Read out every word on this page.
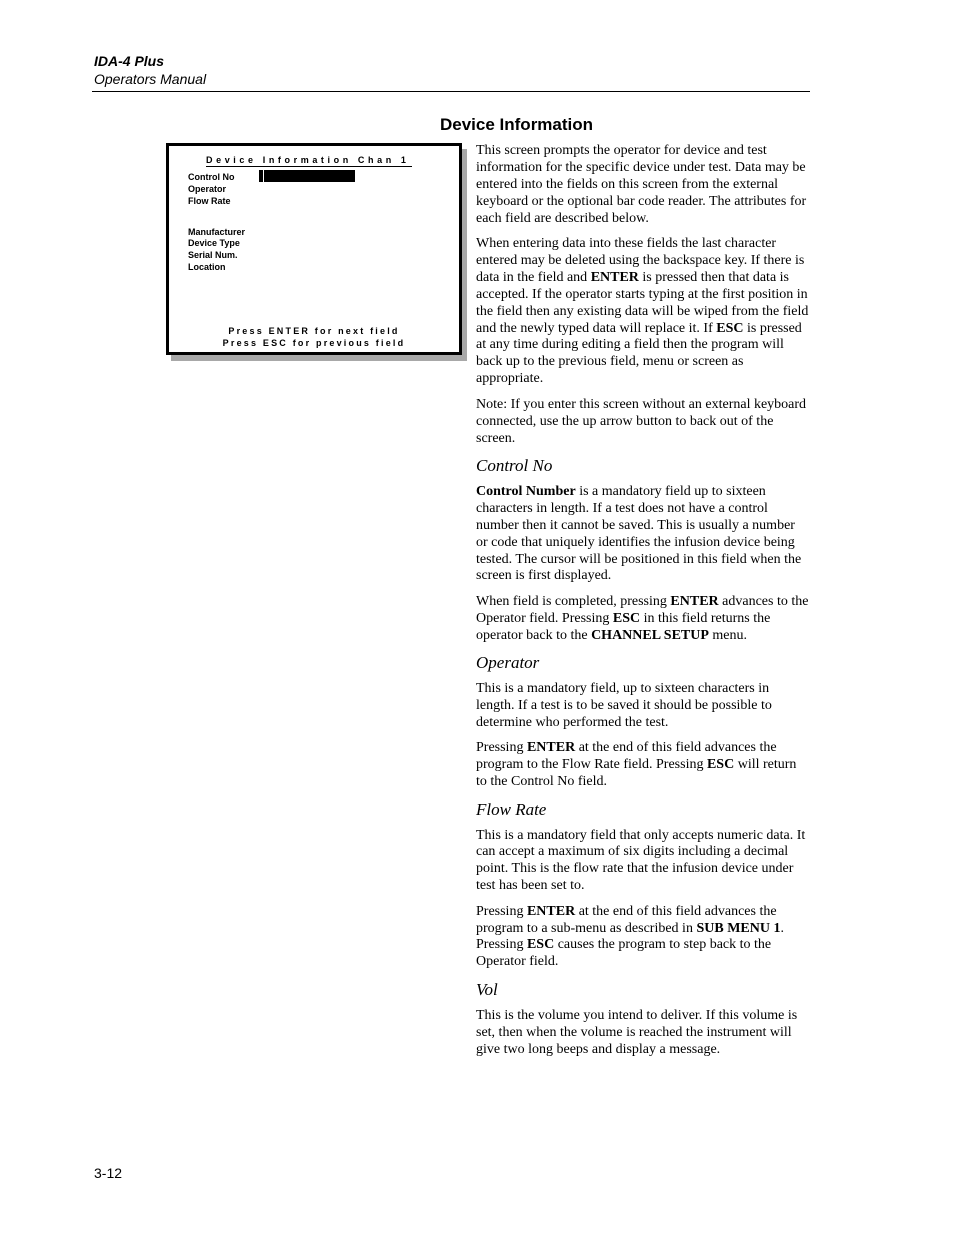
IDA-4 Plus
Operators Manual
Device Information
Device Information Chan 1
Control No
Operator
Flow Rate
Manufacturer
Device Type
Serial Num.
Location
Press ENTER for next field
Press ESC for previous field

This screen prompts the operator for device and test information for the specific device under test. Data may be entered into the fields on this screen from the external keyboard or the optional bar code reader. The attributes for each field are described below.

When entering data into these fields the last character entered may be deleted using the backspace key. If there is data in the field and ENTER is pressed then that data is accepted. If the operator starts typing at the first position in the field then any existing data will be wiped from the field and the newly typed data will replace it. If ESC is pressed at any time during editing a field then the program will back up to the previous field, menu or screen as appropriate.

Note: If you enter this screen without an external keyboard connected, use the up arrow button to back out of the screen.

Control No

Control Number is a mandatory field up to sixteen characters in length. If a test does not have a control number then it cannot be saved. This is usually a number or code that uniquely identifies the infusion device being tested. The cursor will be positioned in this field when the screen is first displayed.

When field is completed, pressing ENTER advances to the Operator field. Pressing ESC in this field returns the operator back to the CHANNEL SETUP menu.

Operator

This is a mandatory field, up to sixteen characters in length. If a test is to be saved it should be possible to determine who performed the test.

Pressing ENTER at the end of this field advances the program to the Flow Rate field. Pressing ESC will return to the Control No field.

Flow Rate

This is a mandatory field that only accepts numeric data. It can accept a maximum of six digits including a decimal point. This is the flow rate that the infusion device under test has been set to.

Pressing ENTER at the end of this field advances the program to a sub-menu as described in SUB MENU 1. Pressing ESC causes the program to step back to the Operator field.

Vol

This is the volume you intend to deliver. If this volume is set, then when the volume is reached the instrument will give two long beeps and display a message.

3-12
